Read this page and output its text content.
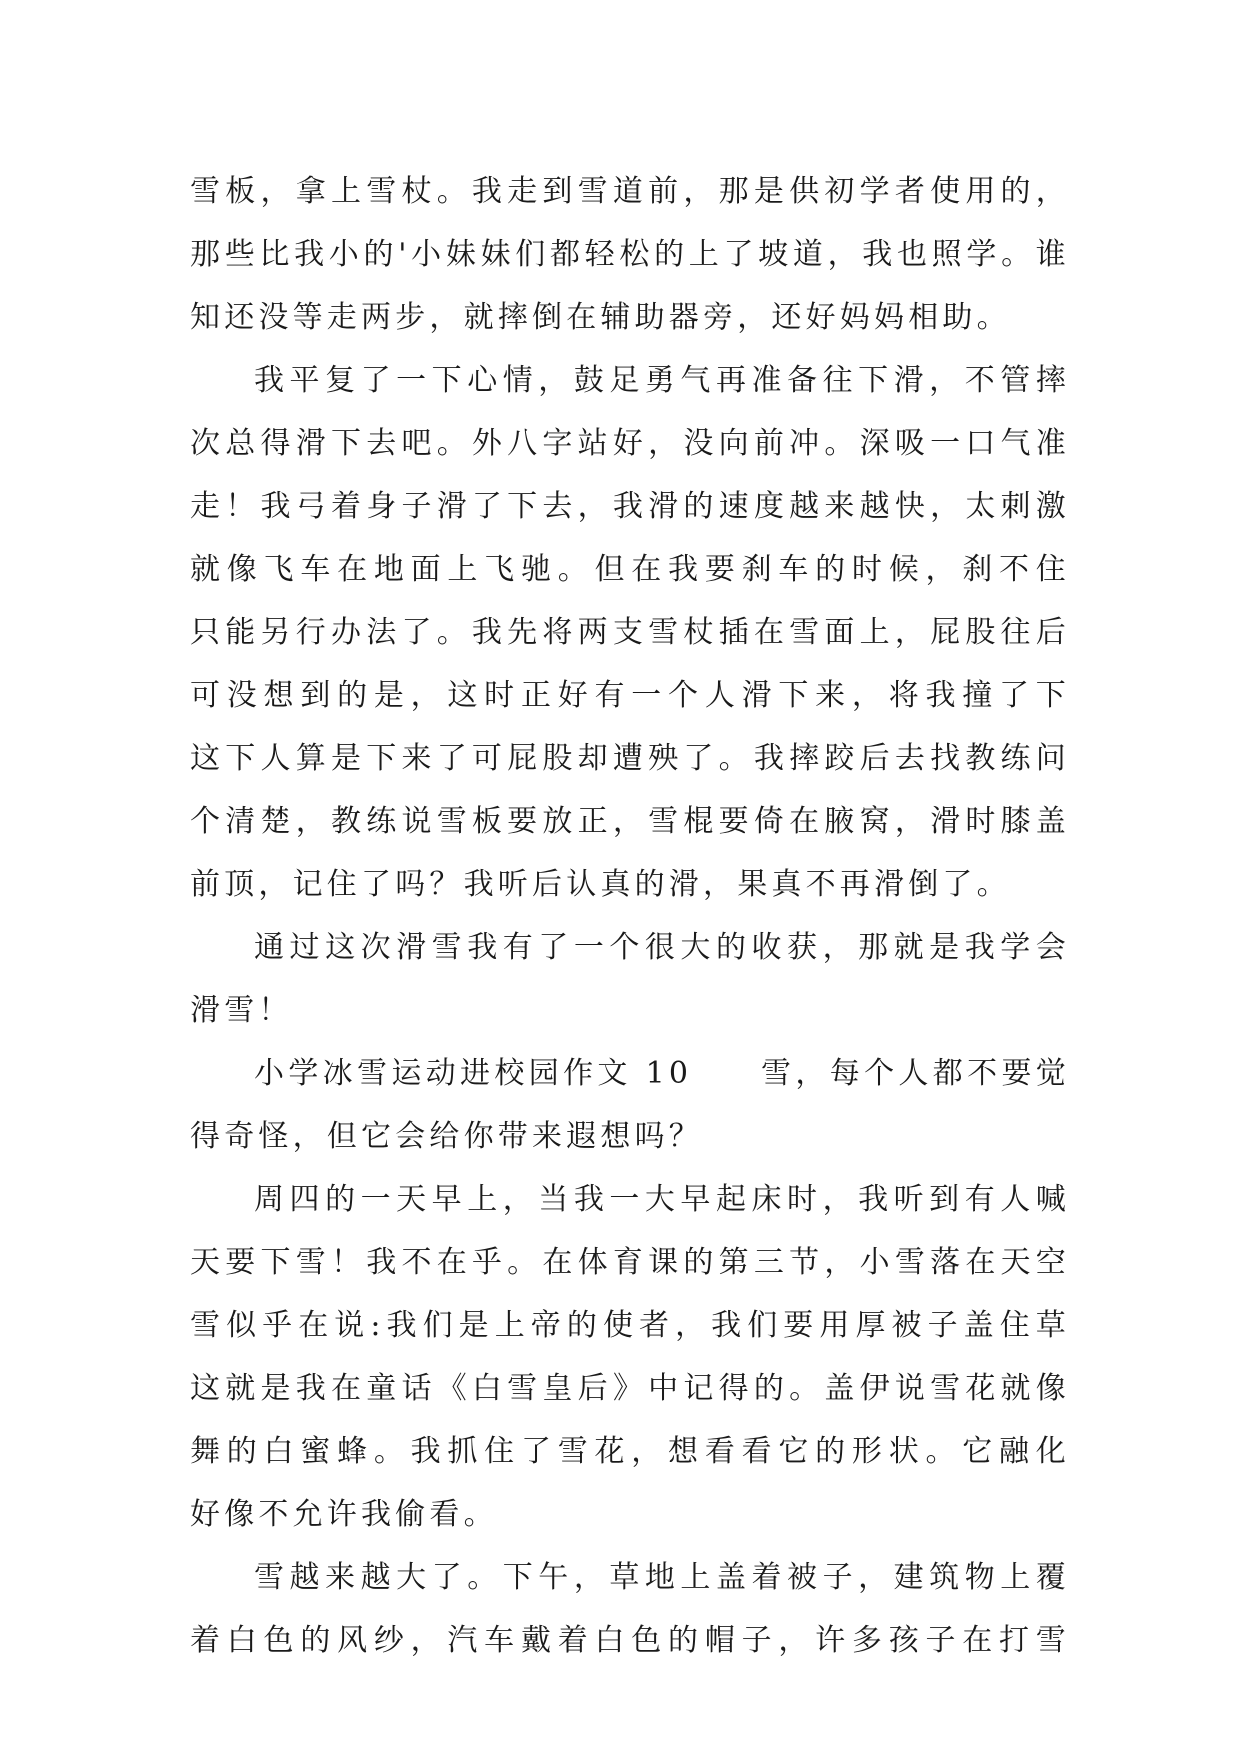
雪板，拿上雪杖。我走到雪道前，那是供初学者使用的，
那些比我小的'小妹妹们都轻松的上了坡道，我也照学。谁
知还没等走两步，就摔倒在辅助器旁，还好妈妈相助。
我平复了一下心情，鼓足勇气再准备往下滑，不管摔
次总得滑下去吧。外八字站好，没向前冲。深吸一口气准
走！我弓着身子滑了下去，我滑的速度越来越快，太刺激
就像飞车在地面上飞驰。但在我要刹车的时候，刹不住
只能另行办法了。我先将两支雪杖插在雪面上，屁股往后
可没想到的是，这时正好有一个人滑下来，将我撞了下
这下人算是下来了可屁股却遭殃了。我摔跤后去找教练问
个清楚，教练说雪板要放正，雪棍要倚在腋窝，滑时膝盖
前顶，记住了吗？我听后认真的滑，果真不再滑倒了。
通过这次滑雪我有了一个很大的收获，那就是我学会
滑雪！
小学冰雪运动进校园作文 10　　雪，每个人都不要觉
得奇怪，但它会给你带来遐想吗？
周四的一天早上，当我一大早起床时，我听到有人喊
天要下雪！我不在乎。在体育课的第三节，小雪落在天空
雪似乎在说:我们是上帝的使者，我们要用厚被子盖住草
这就是我在童话《白雪皇后》中记得的。盖伊说雪花就像
舞的白蜜蜂。我抓住了雪花，想看看它的形状。它融化
好像不允许我偷看。
雪越来越大了。下午，草地上盖着被子，建筑物上覆
着白色的风纱，汽车戴着白色的帽子，许多孩子在打雪
